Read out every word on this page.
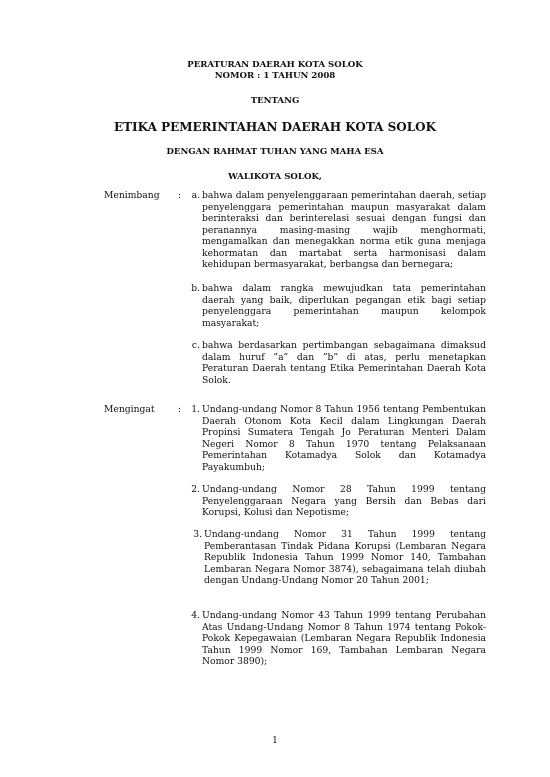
PERATURAN DAERAH KOTA SOLOK
NOMOR : 1 TAHUN 2008
TENTANG
ETIKA PEMERINTAHAN DAERAH KOTA SOLOK
DENGAN RAHMAT TUHAN YANG MAHA ESA
WALIKOTA SOLOK,
Menimbang :	a. bahwa dalam penyelenggaraan pemerintahan daerah, setiap penyelenggara pemerintahan maupun masyarakat dalam berinteraksi dan berinterelasi sesuai dengan fungsi dan peranannya masing-masing wajib menghormati, mengamalkan dan menegakkan norma etik guna menjaga kehormatan dan martabat serta harmonisasi dalam kehidupan bermasyarakat, berbangsa dan bernegara;
b. bahwa dalam rangka mewujudkan tata pemerintahan daerah yang baik, diperlukan pegangan etik bagi setiap penyelenggara pemerintahan maupun kelompok masyarakat;
c. bahwa berdasarkan pertimbangan sebagaimana dimaksud dalam huruf ”a” dan ”b” di atas, perlu menetapkan Peraturan Daerah tentang Etika Pemerintahan Daerah Kota Solok.
Mengingat	:	1. Undang-undang Nomor 8 Tahun 1956 tentang Pembentukan Daerah Otonom Kota Kecil dalam Lingkungan Daerah Propinsi Sumatera Tengah Jo Peraturan Menteri Dalam Negeri Nomor 8 Tahun 1970 tentang Pelaksanaan Pemerintahan Kotamadya Solok dan Kotamadya Payakumbuh;
2. Undang-undang Nomor 28 Tahun 1999 tentang Penyelenggaraan Negara yang Bersih dan Bebas dari Korupsi, Kolusi dan Nepotisme;
3. Undang-undang Nomor 31 Tahun 1999 tentang Pemberantasan Tindak Pidana Korupsi (Lembaran Negara Republik Indonesia Tahun 1999 Nomor 140, Tambahan Lembaran Negara Nomor 3874), sebagaimana telah diubah dengan Undang-Undang Nomor 20 Tahun 2001;
4. Undang-undang Nomor 43 Tahun 1999 tentang Perubahan Atas Undang-Undang Nomor 8 Tahun 1974 tentang Pokok-Pokok Kepegawaian (Lembaran Negara Republik Indonesia Tahun 1999 Nomor 169, Tambahan Lembaran Negara Nomor 3890);
1
